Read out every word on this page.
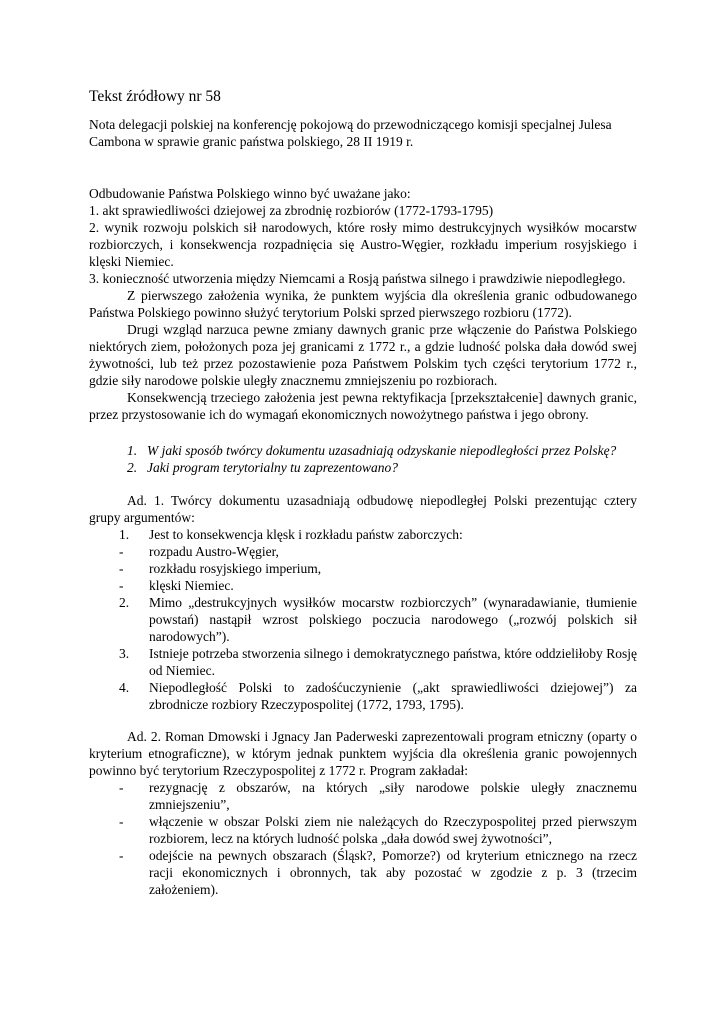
Tekst źródłowy nr 58
Nota delegacji polskiej na konferencję pokojową do przewodniczącego komisji specjalnej Julesa Cambona w sprawie granic państwa polskiego, 28 II 1919 r.

Odbudowanie Państwa Polskiego winno być uważane jako:

1. akt sprawiedliwości dziejowej za zbrodnię rozbiorów (1772-1793-1795)

2. wynik rozwoju polskich sił narodowych, które rosły mimo destrukcyjnych wysiłków mocarstw rozbiorczych, i konsekwencja rozpadnięcia się Austro-Węgier, rozkładu imperium rosyjskiego i klęski Niemiec.

3. konieczność utworzenia między Niemcami a Rosją państwa silnego i prawdziwie niepodległego.

Z pierwszego założenia wynika, że punktem wyjścia dla określenia granic odbudowanego Państwa Polskiego powinno służyć terytorium Polski sprzed pierwszego rozbioru (1772).

Drugi wzgląd narzuca pewne zmiany dawnych granic prze włączenie do Państwa Polskiego niektórych ziem, położonych poza jej granicami z 1772 r., a gdzie ludność polska dała dowód swej żywotności, lub też przez pozostawienie poza Państwem Polskim tych części terytorium 1772 r., gdzie siły narodowe polskie uległy znacznemu zmniejszeniu po rozbiorach.

Konsekwencją trzeciego założenia jest pewna rektyfikacja [przekształcenie] dawnych granic, przez przystosowanie ich do wymagań ekonomicznych nowożytnego państwa i jego obrony.

1. W jaki sposób twórcy dokumentu uzasadniają odzyskanie niepodległości przez Polskę?
2. Jaki program terytorialny tu zaprezentowano?

Ad. 1. Twórcy dokumentu uzasadniają odbudowę niepodległej Polski prezentując cztery grupy argumentów:

1.	Jest to konsekwencja klęsk i rozkładu państw zaborczych:
-	rozpadu Austro-Węgier,
-	rozkładu rosyjskiego imperium,
-	klęski Niemiec.
2.	Mimo „destrukcyjnych wysiłków mocarstw rozbiorczych” (wynaradawianie, tłumienie powstań) nastąpił wzrost polskiego poczucia narodowego („rozwój polskich sił narodowych”).
3.	Istnieje potrzeba stworzenia silnego i demokratycznego państwa, które oddzieliłoby Rosję od Niemiec.
4.	Niepodległość Polski to zadośćuczynienie („akt sprawiedliwości dziejowej”) za zbrodnicze rozbiory Rzeczypospolitej (1772, 1793, 1795).

Ad. 2. Roman Dmowski i Jgnacy Jan Paderweski zaprezentowali program etniczny (oparty o kryterium etnograficzne), w którym jednak punktem wyjścia dla określenia granic powojennych powinno być terytorium Rzeczypospolitej z 1772 r. Program zakładał:

-	rezygnację z obszarów, na których „siły narodowe polskie uległy znacznemu zmniejszeniu”,
-	włączenie w obszar Polski ziem nie należących do Rzeczypospolitej przed pierwszym rozbiorem, lecz na których ludność polska „dała dowód swej żywotności”,
-	odejście na pewnych obszarach (Śląsk?, Pomorze?) od kryterium etnicznego na rzecz racji ekonomicznych i obronnych, tak aby pozostać w zgodzie z p. 3 (trzecim założeniem).
